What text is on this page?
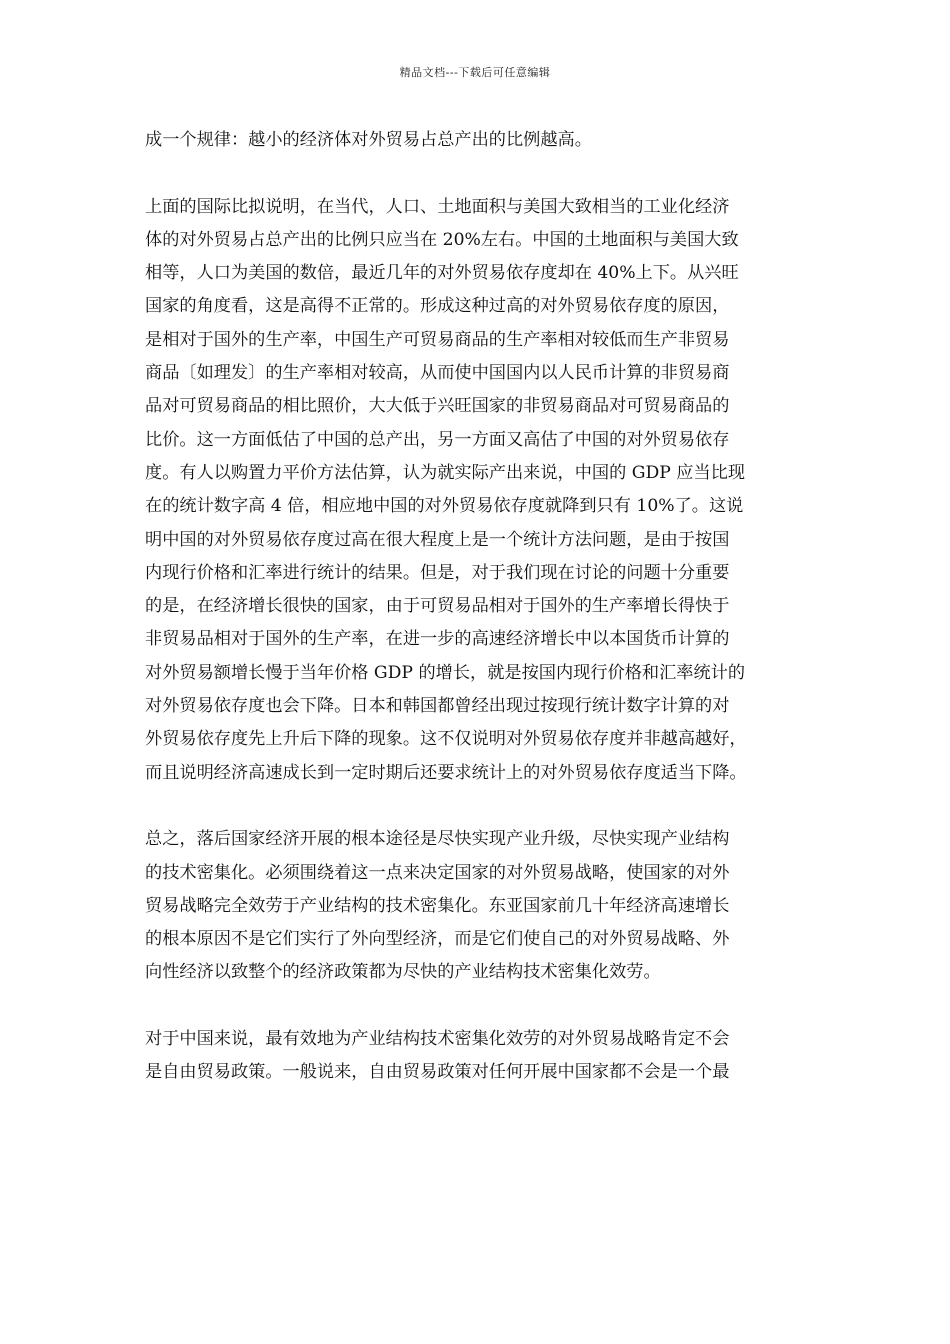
精品文档---下载后可任意编辑
成一个规律：越小的经济体对外贸易占总产出的比例越高。
上面的国际比拟说明，在当代，人口、土地面积与美国大致相当的工业化经济
体的对外贸易占总产出的比例只应当在 20%左右。中国的土地面积与美国大致
相等，人口为美国的数倍，最近几年的对外贸易依存度却在 40%上下。从兴旺
国家的角度看，这是高得不正常的。形成这种过高的对外贸易依存度的原因，
是相对于国外的生产率，中国生产可贸易商品的生产率相对较低而生产非贸易
商品〔如理发〕的生产率相对较高，从而使中国国内以人民币计算的非贸易商
品对可贸易商品的相比照价，大大低于兴旺国家的非贸易商品对可贸易商品的
比价。这一方面低估了中国的总产出，另一方面又高估了中国的对外贸易依存
度。有人以购置力平价方法估算，认为就实际产出来说，中国的 GDP 应当比现
在的统计数字高 4 倍，相应地中国的对外贸易依存度就降到只有 10%了。这说
明中国的对外贸易依存度过高在很大程度上是一个统计方法问题，是由于按国
内现行价格和汇率进行统计的结果。但是，对于我们现在讨论的问题十分重要
的是，在经济增长很快的国家，由于可贸易品相对于国外的生产率增长得快于
非贸易品相对于国外的生产率，在进一步的高速经济增长中以本国货币计算的
对外贸易额增长慢于当年价格 GDP 的增长，就是按国内现行价格和汇率统计的
对外贸易依存度也会下降。日本和韩国都曾经出现过按现行统计数字计算的对
外贸易依存度先上升后下降的现象。这不仅说明对外贸易依存度并非越高越好，
而且说明经济高速成长到一定时期后还要求统计上的对外贸易依存度适当下降。
总之，落后国家经济开展的根本途径是尽快实现产业升级，尽快实现产业结构
的技术密集化。必须围绕着这一点来决定国家的对外贸易战略，使国家的对外
贸易战略完全效劳于产业结构的技术密集化。东亚国家前几十年经济高速增长
的根本原因不是它们实行了外向型经济，而是它们使自己的对外贸易战略、外
向性经济以致整个的经济政策都为尽快的产业结构技术密集化效劳。
对于中国来说，最有效地为产业结构技术密集化效劳的对外贸易战略肯定不会
是自由贸易政策。一般说来，自由贸易政策对任何开展中国家都不会是一个最
